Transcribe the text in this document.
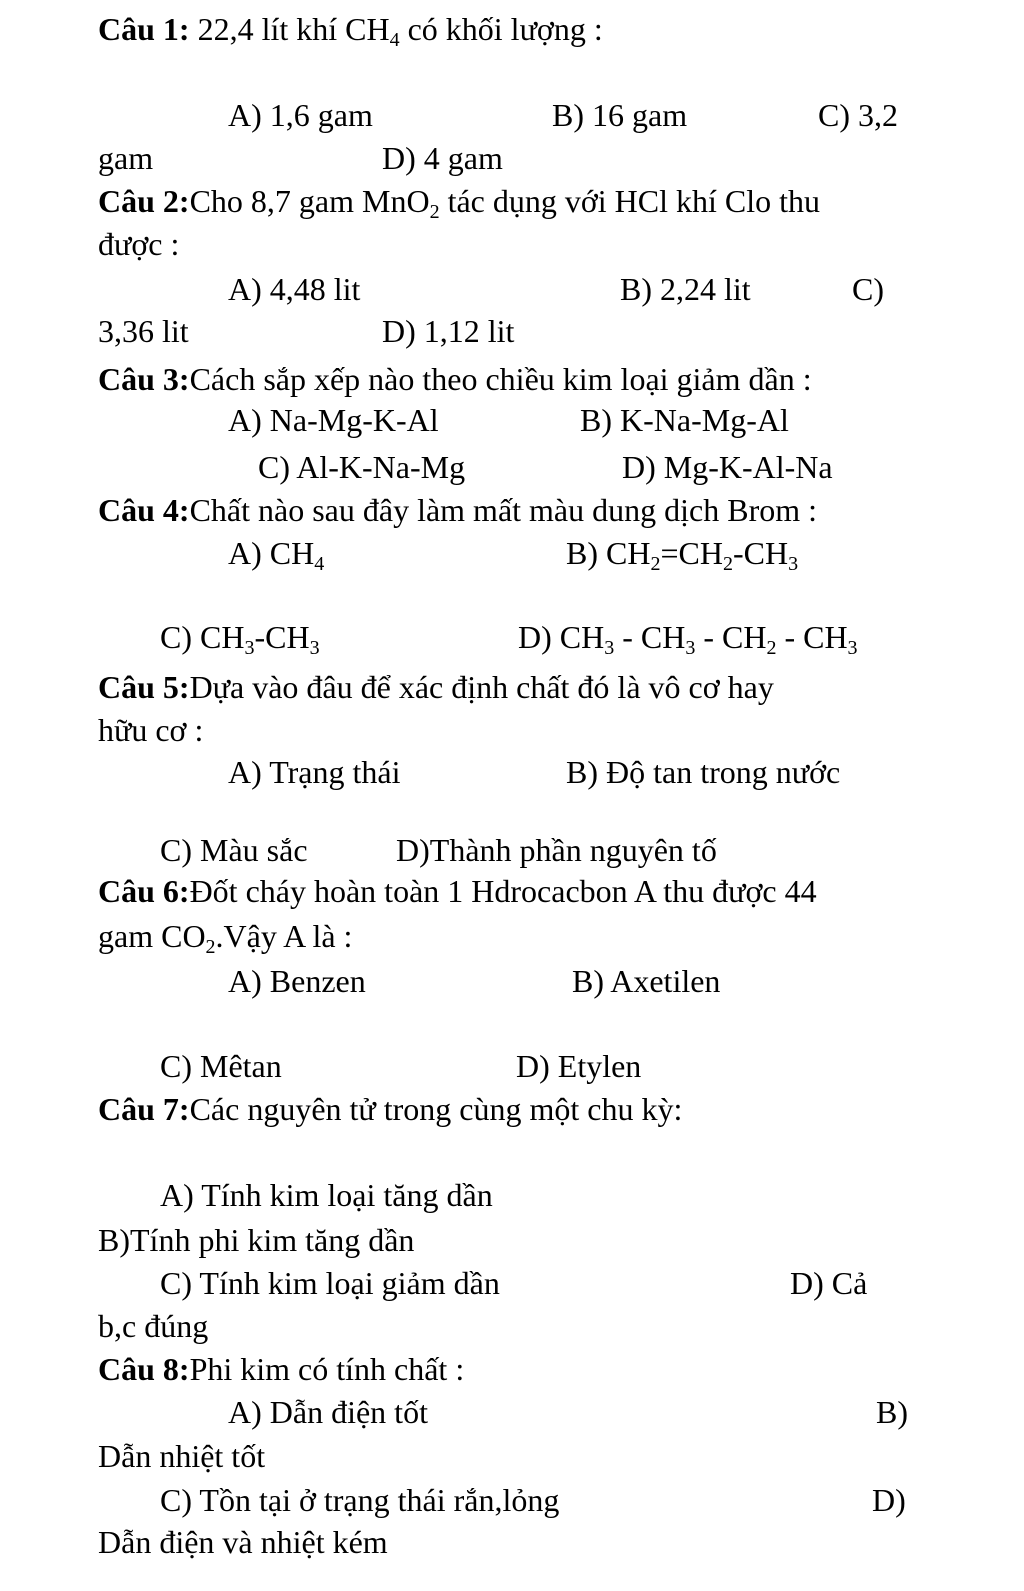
Câu 1: 22,4 lít khí $CH_4$ có khối lượng :
A) 1,6 gam	B) 16 gam	C) 3,2
gam	D) 4 gam
Câu 2:Cho 8,7 gam MnO$_2$ tác dụng với HCl khí Clo thu
được :
A) 4,48 lit	B) 2,24 lit	C)
3,36 lit	D) 1,12 lit
Câu 3:Cách sắp xếp nào theo chiều kim loại giảm dần :
A) Na-Mg-K-Al	B) K-Na-Mg-Al
C) Al-K-Na-Mg	D) Mg-K-Al-Na
Câu 4:Chất nào sau đây làm mất màu dung dịch Brom :
A) $CH_4$	B) $CH_2=CH_2-CH_3$
C) $CH_3-CH_3$	D) $CH_3 - CH_3 - CH_2 - CH_3$
Câu 5:Dựa vào đâu để xác định chất đó là vô cơ hay
hữu cơ :
A) Trạng thái	B) Độ tan trong nước
C) Màu sắc	D)Thành phần nguyên tố
Câu 6:Đốt cháy hoàn toàn 1 Hdrocacbon A thu được 44
gam $CO_2.Vậy$ A là :
A) Benzen	B) Axetilen
C) Mêtan	D) Etylen
Câu 7:Các nguyên tử trong cùng một chu kỳ:
A) Tính kim loại tăng dần
B)Tính phi kim tăng dần
C) Tính kim loại giảm dần	D) Cả
b,c đúng
Câu 8:Phi kim có tính chất :
A) Dẫn điện tốt	B)
Dẫn nhiệt tốt
C) Tồn tại ở trạng thái rắn,lỏng	D)
Dẫn điện và nhiệt kém
